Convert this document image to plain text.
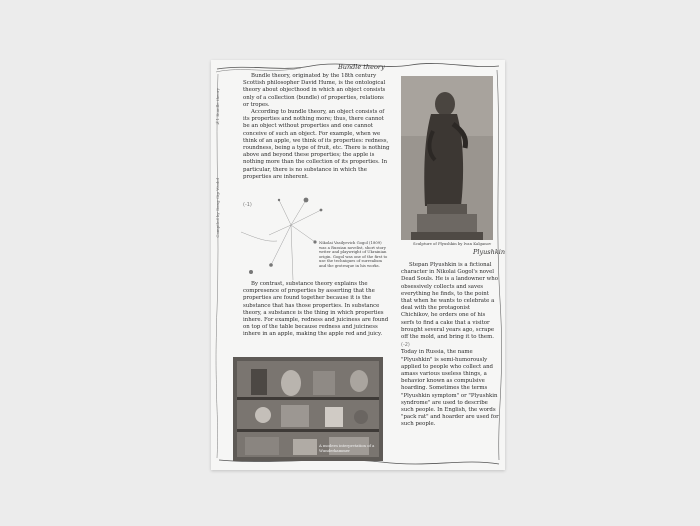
Compiled by Bong-Gip Wudol
№1 Bundle theory
Bundle theory

Bundle theory, originated by the 18th century Scottish philosopher David Hume, is the ontological theory about objecthood in which an object consists only of a collection (bundle) of properties, relations or tropes.

According to bundle theory, an object consists of its properties and nothing more; thus, there cannot be an object without properties and one cannot conceive of such an object. For example, when we think of an apple, we think of its properties: redness, roundness, being a type of fruit, etc. There is nothing above and beyond these properties; the apple is nothing more than the collection of its properties. In particular, there is no substance in which the properties are inherent.

(-1)
Nikolai Vasilyevich Gogol (1809) was a Russian novelist, short story writer and playwright of Ukrainian origin. Gogol was one of the first to use the techniques of surrealism and the grotesque in his works.

By contrast, substance theory explains the compresence of properties by asserting that the properties are found together because it is the substance that has those properties. In substance theory, a substance is the thing in which properties inhere. For example, redness and juiciness are found on top of the table because redness and juiciness inhere in an apple, making the apple red and juicy.

Sculpture of Plyushkin by Ivan Kalganov
Plyushkin

Stepan Plyushkin is a fictional character in Nikolai Gogol's novel Dead Souls. He is a landowner who obsessively collects and saves everything he finds, to the point that when he wants to celebrate a deal with the protagonist Chichikov, he orders one of his serfs to find a cake that a visitor brought several years ago, scrape off the mold, and bring it to them.

(-2)

Today in Russia, the name "Plyushkin" is semi-humorously applied to people who collect and amass various useless things, a behavior known as compulsive hoarding. Sometimes the terms "Plyushkin symptom" or "Plyushkin syndrome" are used to describe such people. In English, the words "pack rat" and hoarder are used for such people.

A modern interpretation of a Wunderkammer
